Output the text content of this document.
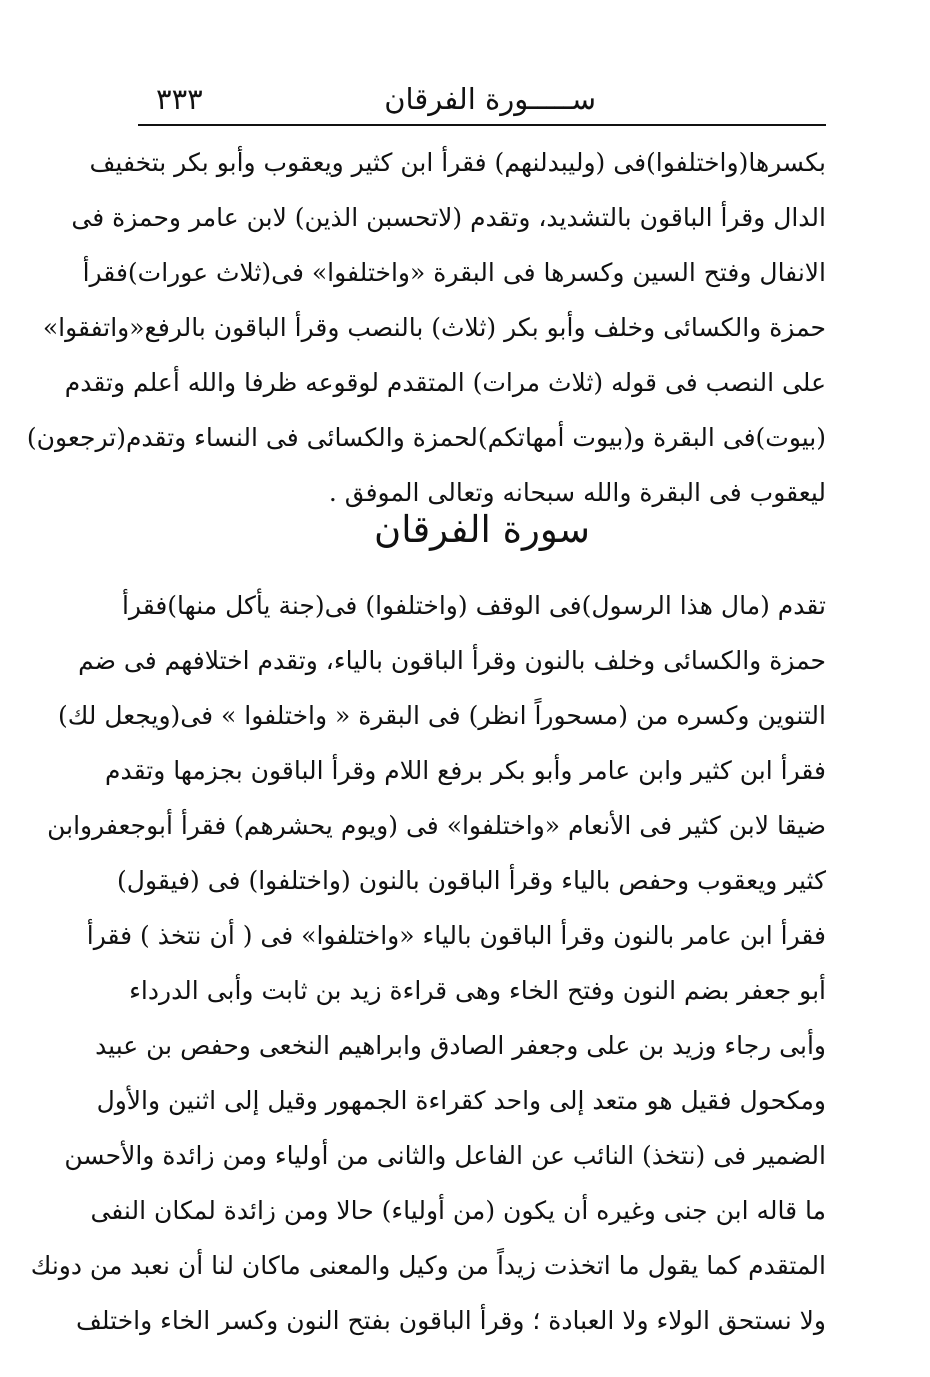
ســـــورة الفرقان
٣٣٣
بكسرها(واختلفوا)فى (وليبدلنهم) فقرأ ابن كثير ويعقوب وأبو بكر بتخفيف
الدال وقرأ الباقون بالتشديد، وتقدم (لاتحسبن الذين) لابن عامر وحمزة فى
الانفال وفتح السين وكسرها فى البقرة «واختلفوا» فى(ثلاث عورات)فقرأ
حمزة والكسائى وخلف وأبو بكر (ثلاث) بالنصب وقرأ الباقون بالرفع«واتفقوا»
على النصب فى قوله (ثلاث مرات) المتقدم لوقوعه ظرفا والله أعلم وتقدم
(بيوت)فى البقرة و(بيوت أمهاتكم)لحمزة والكسائى فى النساء وتقدم(ترجعون)
ليعقوب فى البقرة والله سبحانه وتعالى الموفق .
سورة الفرقان
تقدم (مال هذا الرسول)فى الوقف (واختلفوا) فى(جنة يأكل منها)فقرأ
حمزة والكسائى وخلف بالنون وقرأ الباقون بالياء، وتقدم اختلافهم فى ضم
التنوين وكسره من (مسحوراً انظر) فى البقرة « واختلفوا » فى(ويجعل لك)
فقرأ ابن كثير وابن عامر وأبو بكر برفع اللام وقرأ الباقون بجزمها وتقدم
ضيقا لابن كثير فى الأنعام «واختلفوا» فى (ويوم يحشرهم) فقرأ أبوجعفروابن
كثير ويعقوب وحفص بالياء وقرأ الباقون بالنون (واختلفوا) فى (فيقول)
فقرأ ابن عامر بالنون وقرأ الباقون بالياء «واختلفوا» فى ( أن نتخذ ) فقرأ
أبو جعفر بضم النون وفتح الخاء وهى قراءة زيد بن ثابت وأبى الدرداء
وأبى رجاء وزيد بن على وجعفر الصادق وابراهيم النخعى وحفص بن عبيد
ومكحول فقيل هو متعد إلى واحد كقراءة الجمهور وقيل إلى اثنين والأول
الضمير فى (نتخذ) النائب عن الفاعل والثانى من أولياء ومن زائدة والأحسن
ما قاله ابن جنى وغيره أن يكون (من أولياء) حالا ومن زائدة لمكان النفى
المتقدم كما يقول ما اتخذت زيداً من وكيل والمعنى ماكان لنا أن نعبد من دونك
ولا نستحق الولاء ولا العبادة ؛ وقرأ الباقون بفتح النون وكسر الخاء واختلف
